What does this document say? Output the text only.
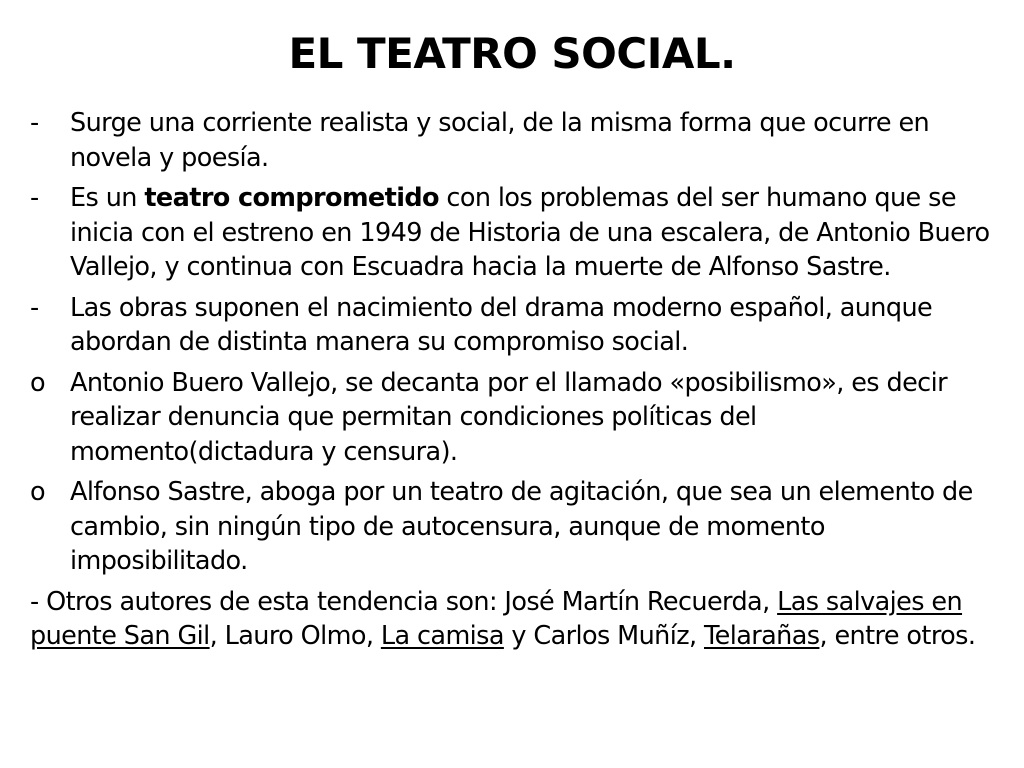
EL TEATRO SOCIAL.
-	Surge una corriente realista y social, de la misma forma que ocurre en novela y poesía.
-	Es un teatro comprometido con los problemas del ser humano que se inicia con el estreno en 1949 de Historia de una escalera, de Antonio Buero Vallejo, y continua con Escuadra hacia la muerte de Alfonso Sastre.
-	Las obras suponen el nacimiento del drama moderno español, aunque abordan de distinta manera su compromiso social.
o Antonio Buero Vallejo, se decanta por el llamado «posibilismo», es decir realizar denuncia que permitan condiciones políticas del momento(dictadura y censura).
o Alfonso Sastre, aboga por un teatro de agitación, que sea un elemento de cambio, sin ningún tipo de autocensura, aunque de momento imposibilitado.
- Otros autores de esta tendencia son: José Martín Recuerda, Las salvajes en puente San Gil, Lauro Olmo, La camisa y Carlos Muñíz, Telarañas, entre otros.
